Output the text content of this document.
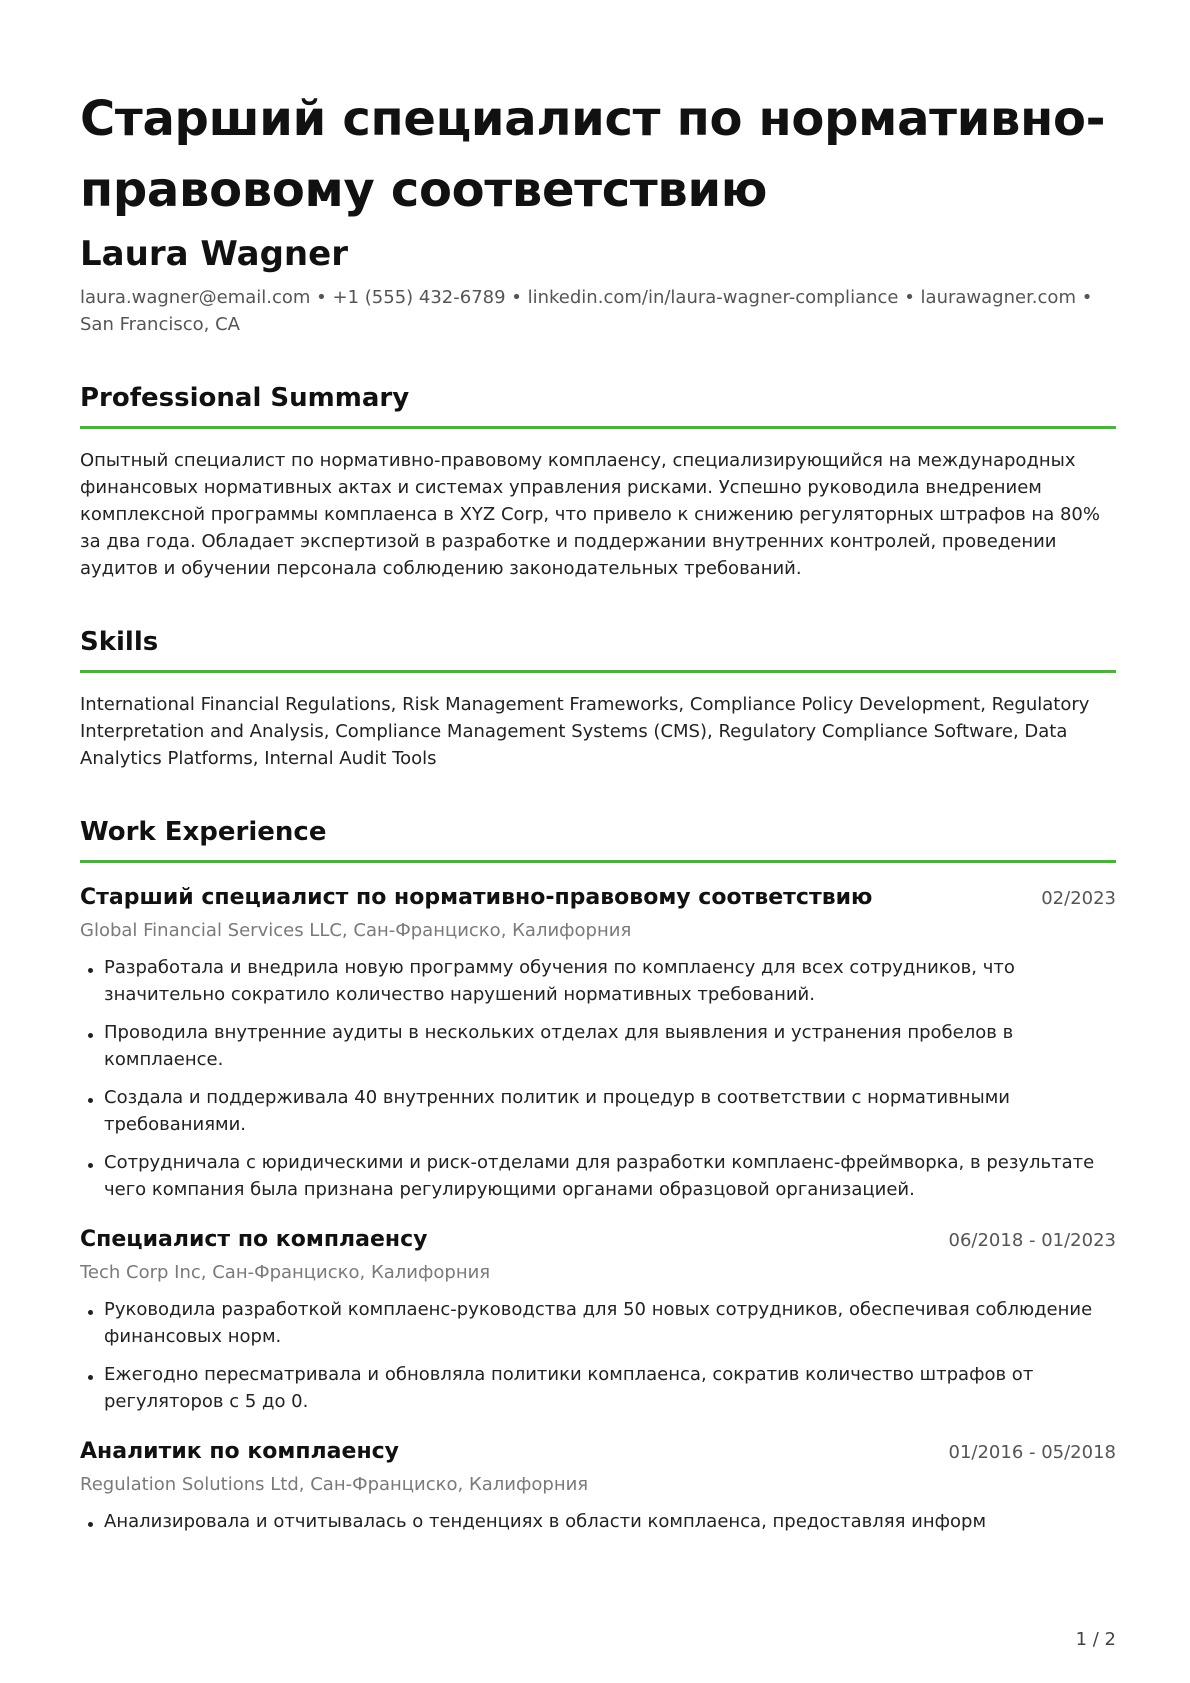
Старший специалист по нормативно-правовому соответствию
Laura Wagner
laura.wagner@email.com • +1 (555) 432-6789 • linkedin.com/in/laura-wagner-compliance • laurawagner.com • San Francisco, CA
Professional Summary
Опытный специалист по нормативно-правовому комплаенсу, специализирующийся на международных финансовых нормативных актах и системах управления рисками. Успешно руководила внедрением комплексной программы комплаенса в XYZ Corp, что привело к снижению регуляторных штрафов на 80% за два года. Обладает экспертизой в разработке и поддержании внутренних контролей, проведении аудитов и обучении персонала соблюдению законодательных требований.
Skills
International Financial Regulations, Risk Management Frameworks, Compliance Policy Development, Regulatory Interpretation and Analysis, Compliance Management Systems (CMS), Regulatory Compliance Software, Data Analytics Platforms, Internal Audit Tools
Work Experience
Старший специалист по нормативно-правовому соответствию	02/2023
Global Financial Services LLC, Сан-Франциско, Калифорния
Разработала и внедрила новую программу обучения по комплаенсу для всех сотрудников, что значительно сократило количество нарушений нормативных требований.
Проводила внутренние аудиты в нескольких отделах для выявления и устранения пробелов в комплаенсе.
Создала и поддерживала 40 внутренних политик и процедур в соответствии с нормативными требованиями.
Сотрудничала с юридическими и риск-отделами для разработки комплаенс-фреймворка, в результате чего компания была признана регулирующими органами образцовой организацией.
Специалист по комплаенсу	06/2018 - 01/2023
Tech Corp Inc, Сан-Франциско, Калифорния
Руководила разработкой комплаенс-руководства для 50 новых сотрудников, обеспечивая соблюдение финансовых норм.
Ежегодно пересматривала и обновляла политики комплаенса, сократив количество штрафов от регуляторов с 5 до 0.
Аналитик по комплаенсу	01/2016 - 05/2018
Regulation Solutions Ltd, Сан-Франциско, Калифорния
Анализировала и отчитывалась о тенденциях в области комплаенса, предоставляя информ
1 / 2
